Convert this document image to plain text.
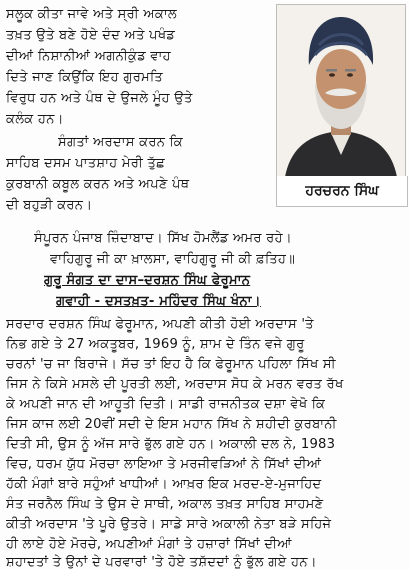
ਸਲੂਕ ਕੀਤਾ ਜਾਵੇ ਅਤੇ ਸ੍ਰੀ ਅਕਾਲ
ਤਖ਼ਤ ਉਤੇ ਬਣੇ ਹੋਏ ਦੰਦ ਅਤੇ ਪਖੰਡ
ਦੀਆਂ ਨਿਸ਼ਾਨੀਆਂ ਅਗਨੀਕੁੰਡ ਵਾਹ
ਦਿਤੇ ਜਾਣ ਕਿਉਂਕਿ ਇਹ ਗੁਰਮਤਿ
ਵਿਰੁਧ ਹਨ ਅਤੇ ਪੰਥ ਦੇ ਉਜਲੇ ਮੂੰਹ ਉਤੇ
ਕਲੰਕ ਹਨ।
ਸੰਗਤਾਂ ਅਰਦਾਸ ਕਰਨ ਕਿ
ਸਾਹਿਬ ਦਸਮ ਪਾਤਸ਼ਾਹ ਮੇਰੀ ਤੁੱਛ
ਕੁਰਬਾਨੀ ਕਬੂਲ ਕਰਨ ਅਤੇ ਅਪਣੇ ਪੰਥ
ਦੀ ਬਹੁੜੀ ਕਰਨ।
ਹਰਚਰਨ ਸਿੰਘ
ਸੰਪੂਰਨ ਪੰਜਾਬ ਜ਼ਿੰਦਾਬਾਦ। ਸਿੱਖ ਹੋਮਲੈਂਡ ਅਮਰ ਰਹੇ।
ਵਾਹਿਗੁਰੂ ਜੀ ਕਾ ਖ਼ਾਲਸਾ, ਵਾਹਿਗੁਰੂ ਜੀ ਕੀ ਫ਼ਤਿਹ॥
ਗੁਰੂ ਸੰਗਤ ਦਾ ਦਾਸ–ਦਰਸ਼ਨ ਸਿੰਘ ਫੇਰੂਮਾਨ
ਗਵਾਹੀ - ਦਸਤਖ਼ਤ- ਮਹਿੰਦਰ ਸਿੰਘ ਖੰਨਾ।
ਸਰਦਾਰ ਦਰਸ਼ਨ ਸਿੰਘ ਫੇਰੂਮਾਨ, ਅਪਣੀ ਕੀਤੀ ਹੋਈ ਅਰਦਾਸ 'ਤੇ
ਨਿਭ ਗਏ ਤੇ 27 ਅਕਤੂਬਰ, 1969 ਨੂੰ, ਸ਼ਾਮ ਦੇ ਤਿੰਨ ਵਜੇ ਗੁਰੂ
ਚਰਨਾਂ 'ਚ ਜਾ ਬਿਰਾਜੇ। ਸੱਚ ਤਾਂ ਇਹ ਹੈ ਕਿ ਫੇਰੂਮਾਨ ਪਹਿਲਾ ਸਿੱਖ ਸੀ
ਜਿਸ ਨੇ ਕਿਸੇ ਮਸਲੇ ਦੀ ਪੂਰਤੀ ਲਈ, ਅਰਦਾਸ ਸੋਧ ਕੇ ਮਰਨ ਵਰਤ ਰੱਖ
ਕੇ ਅਪਣੀ ਜਾਨ ਦੀ ਆਹੂਤੀ ਦਿਤੀ। ਸਾਡੀ ਰਾਜਨੀਤਕ ਦਸ਼ਾ ਵੇਖੋ ਕਿ
ਜਿਸ ਕਾਜ ਲਈ 20ਵੀਂ ਸਦੀ ਦੇ ਇਸ ਮਹਾਨ ਸਿੱਖ ਨੇ ਸ਼ਹੀਦੀ ਕੁਰਬਾਨੀ
ਦਿਤੀ ਸੀ, ਉਸ ਨੂੰ ਅੱਜ ਸਾਰੇ ਭੁੱਲ ਗਏ ਹਨ। ਅਕਾਲੀ ਦਲ ਨੇ, 1983
ਵਿਚ, ਧਰਮ ਯੁੱਧ ਮੋਰਚਾ ਲਾਇਆ ਤੇ ਮਰਜੀਵੜਿਆਂ ਨੇ ਸਿੱਖਾਂ ਦੀਆਂ
ਹੱਕੀ ਮੰਗਾਂ ਬਾਰੇ ਸਹੁੰਆਂ ਖਾਧੀਆਂ। ਆਖ਼ਰ ਇਕ ਮਰਦ-ਏ-ਮੁਜਾਹਿਦ
ਸੰਤ ਜਰਨੈਲ ਸਿੰਘ ਤੇ ਉਸ ਦੇ ਸਾਥੀ, ਅਕਾਲ ਤਖ਼ਤ ਸਾਹਿਬ ਸਾਹਮਣੇ
ਕੀਤੀ ਅਰਦਾਸ 'ਤੇ ਪੂਰੇ ਉਤਰੇ। ਸਾਡੇ ਸਾਰੇ ਅਕਾਲੀ ਨੇਤਾ ਬੜੇ ਸਹਿਜੇ
ਹੀ ਲਾਏ ਹੋਏ ਮੋਰਚੇ, ਅਪਣੀਆਂ ਮੰਗਾਂ ਤੇ ਹਜ਼ਾਰਾਂ ਸਿੱਖਾਂ ਦੀਆਂ
ਸ਼ਹਾਦਤਾਂ ਤੇ ਉਨਾਂ ਦੇ ਪਰਵਾਰਾਂ 'ਤੇ ਹੋਏ ਤਸ਼ੱਦਦਾਂ ਨੂੰ ਭੁੱਲ ਗਏ ਹਨ।
